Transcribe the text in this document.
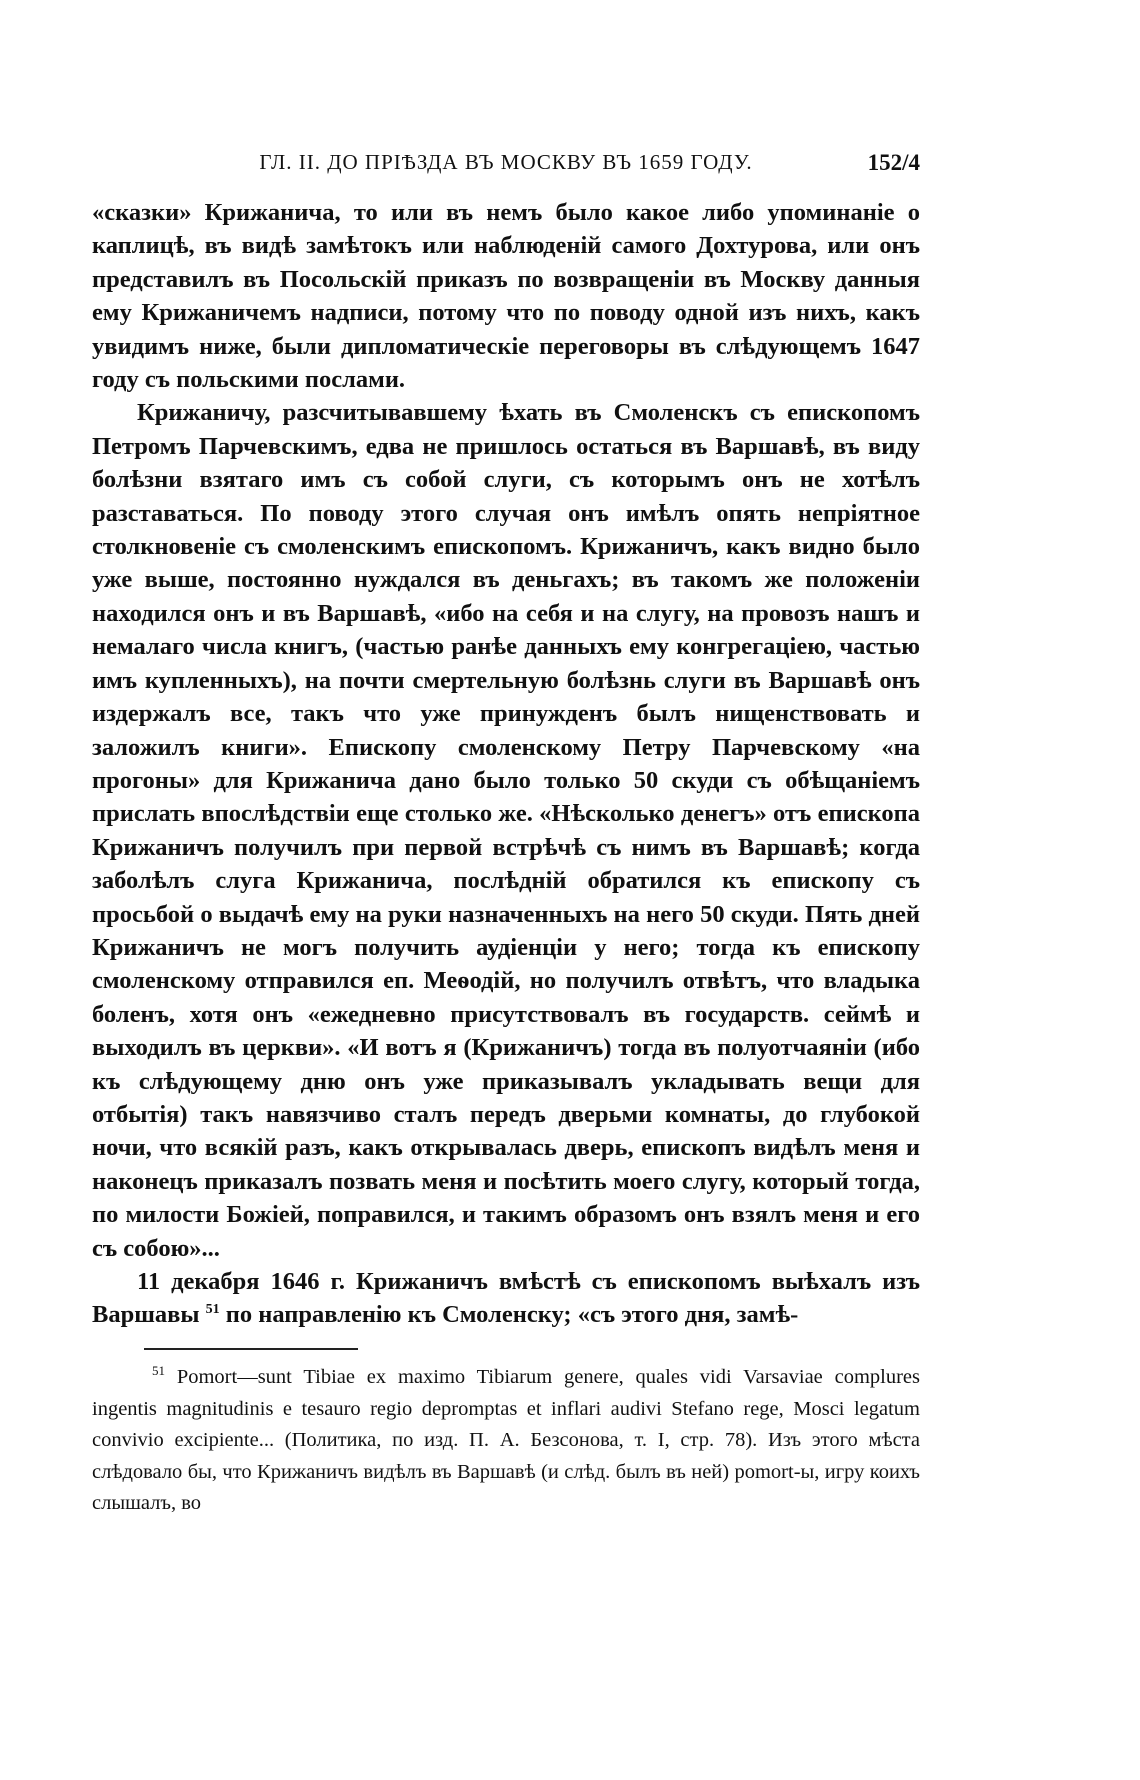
ГЛ. II. ДО ПРІѢЗДА ВЪ МОСКВУ ВЪ 1659 ГОДУ.	152/4

«сказки» Крижанича, то или въ немъ было какое либо упоминаніе о каплицѣ, въ видѣ замѣтокъ или наблюденій самого Дохтурова, или онъ представилъ въ Посольскій приказъ по возвращеніи въ Москву данныя ему Крижаничемъ надписи, потому что по поводу одной изъ нихъ, какъ увидимъ ниже, были дипломатическіе переговоры въ слѣдующемъ 1647 году съ польскими послами.

Крижаничу, разсчитывавшему ѣхать въ Смоленскъ съ епископомъ Петромъ Парчевскимъ, едва не пришлось остаться въ Варшавѣ, въ виду болѣзни взятаго имъ съ собой слуги, съ которымъ онъ не хотѣлъ разставаться. По поводу этого случая онъ имѣлъ опять непріятное столкновеніе съ смоленскимъ епископомъ. Крижаничъ, какъ видно было уже выше, постоянно нуждался въ деньгахъ; въ такомъ же положеніи находился онъ и въ Варшавѣ, «ибо на себя и на слугу, на провозъ нашъ и немалаго числа книгъ, (частью ранѣе данныхъ ему конгрегаціею, частью имъ купленныхъ), на почти смертельную болѣзнь слуги въ Варшавѣ онъ издержалъ все, такъ что уже принужденъ былъ нищенствовать и заложилъ книги». Епископу смоленскому Петру Парчевскому «на прогоны» для Крижанича дано было только 50 скуди съ обѣщаніемъ прислать впослѣдствіи еще столько же. «Нѣсколько денегъ» отъ епископа Крижаничъ получилъ при первой встрѣчѣ съ нимъ въ Варшавѣ; когда заболѣлъ слуга Крижанича, послѣдній обратился къ епископу съ просьбой о выдачѣ ему на руки назначенныхъ на него 50 скуди. Пять дней Крижаничъ не могъ получить аудіенціи у него; тогда къ епископу смоленскому отправился еп. Меѳодій, но получилъ отвѣтъ, что владыка боленъ, хотя онъ «ежедневно присутствовалъ въ государств. сеймѣ и выходилъ въ церкви». «И вотъ я (Крижаничъ) тогда въ полуотчаяніи (ибо къ слѣдующему дню онъ уже приказывалъ укладывать вещи для отбытія) такъ навязчиво сталъ передъ дверьми комнаты, до глубокой ночи, что всякій разъ, какъ открывалась дверь, епископъ видѣлъ меня и наконецъ приказалъ позвать меня и посѣтить моего слугу, который тогда, по милости Божіей, поправился, и такимъ образомъ онъ взялъ меня и его съ собою»...

11 декабря 1646 г. Крижаничъ вмѣстѣ съ епископомъ выѣхалъ изъ Варшавы $^{51}$ по направленію къ Смоленску; «съ этого дня, замѣ-

$^{51}$ Pomort—sunt Tibiae ex maximo Tibiarum genere, quales vidi Varsaviae complures ingentis magnitudinis e tesauro regio depromptas et inflari audivi Stefano rege, Mosci legatum convivio excipiente... (Политика, по изд. П. А. Безсонова, т. I, стр. 78). Изъ этого мѣста слѣдовало бы, что Крижаничъ видѣлъ въ Варшавѣ (и слѣд. былъ въ ней) pomort-ы, игру коихъ слышалъ, во
